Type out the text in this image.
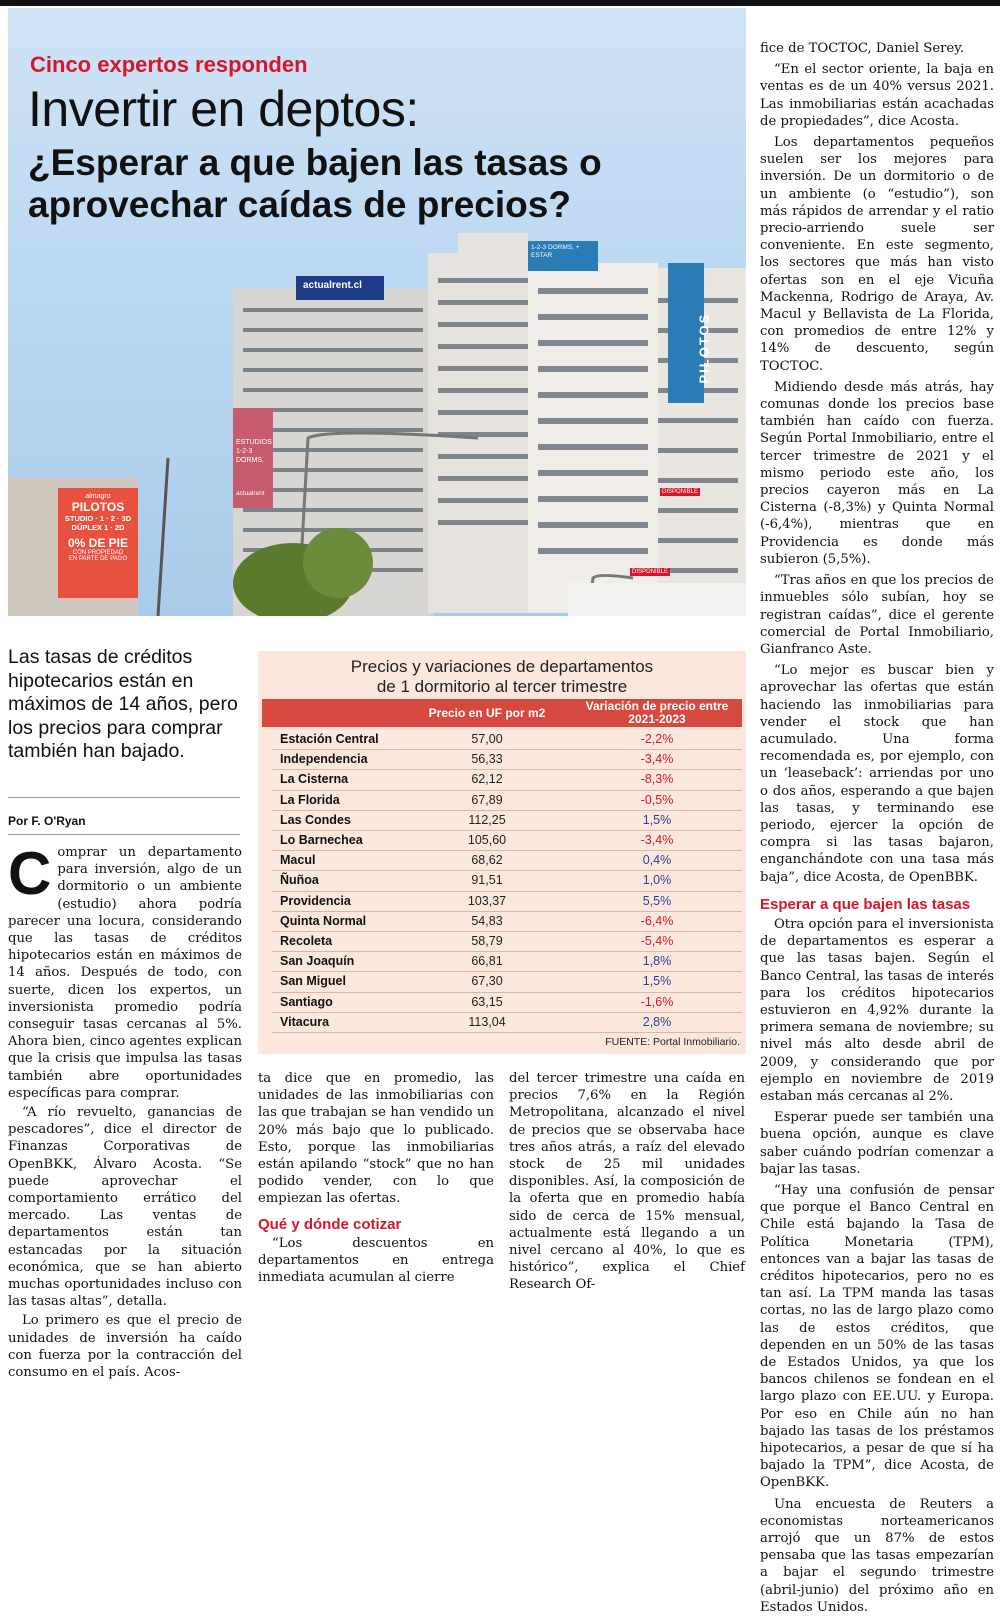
actualrent.cl
PILOTOS
1-2-3 DORMS. + ESTAR
ESTUDIOS 1-2-3 DORMS.
actualrent
almagro
PILOTOS
STUDIO · 1 · 2 · 3D
DÚPLEX 1 · 2D
0% DE PIE
CON PROPIEDAD
EN PARTE DE PAGO
DISPONIBLE
DISPONIBLE
Cinco expertos responden
Invertir en deptos:
¿Esperar a que bajen las tasas o aprovechar caídas de precios?

fice de TOCTOC, Daniel Serey.

“En el sector oriente, la baja en ventas es de un 40% versus 2021. Las inmobiliarias están acachadas de propiedades”, dice Acosta.

Los departamentos pequeños suelen ser los mejores para inversión. De un dormitorio o de un ambiente (o “estudio”), son más rápidos de arrendar y el ratio precio-arriendo suele ser conveniente. En este segmento, los sectores que más han visto ofertas son en el eje Vicuña Mackenna, Rodrigo de Araya, Av. Macul y Bellavista de La Florida, con promedios de entre 12% y 14% de descuento, según TOCTOC.

Midiendo desde más atrás, hay comunas donde los precios base también han caído con fuerza. Según Portal Inmobiliario, entre el tercer trimestre de 2021 y el mismo periodo este año, los precios cayeron más en La Cisterna (-8,3%) y Quinta Normal (-6,4%), mientras que en Providencia es donde más subieron (5,5%).

“Tras años en que los precios de inmuebles sólo subían, hoy se registran caídas”, dice el gerente comercial de Portal Inmobiliario, Gianfranco Aste.

“Lo mejor es buscar bien y aprovechar las ofertas que están haciendo las inmobiliarias para vender el stock que han acumulado. Una forma recomendada es, por ejemplo, con un ‘leaseback’: arriendas por uno o dos años, esperando a que bajen las tasas, y terminando ese periodo, ejercer la opción de compra si las tasas bajaron, enganchándote con una tasa más baja”, dice Acosta, de OpenBBK.

Esperar a que bajen las tasas

Otra opción para el inversionista de departamentos es esperar a que las tasas bajen. Según el Banco Central, las tasas de interés para los créditos hipotecarios estuvieron en 4,92% durante la primera semana de noviembre; su nivel más alto desde abril de 2009, y considerando que por ejemplo en noviembre de 2019 estaban más cercanas al 2%.

Esperar puede ser también una buena opción, aunque es clave saber cuándo podrían comenzar a bajar las tasas.

“Hay una confusión de pensar que porque el Banco Central en Chile está bajando la Tasa de Política Monetaria (TPM), entonces van a bajar las tasas de créditos hipotecarios, pero no es tan así. La TPM manda las tasas cortas, no las de largo plazo como las de estos créditos, que dependen en un 50% de las tasas de Estados Unidos, ya que los bancos chilenos se fondean en el largo plazo con EE.UU. y Europa. Por eso en Chile aún no han bajado las tasas de los préstamos hipotecarios, a pesar de que sí ha bajado la TPM”, dice Acosta, de OpenBKK.

Una encuesta de Reuters a economistas norteamericanos arrojó que un 87% de estos pensaba que las tasas empezarían a bajar el segundo trimestre (abril-junio) del próximo año en Estados Unidos.

Las tasas de créditos hipotecarios están en máximos de 14 años, pero los precios para comprar también han bajado.
Por F. O'Ryan

Comprar un departamento para inversión, algo de un dormitorio o un ambiente (estudio) ahora podría parecer una locura, considerando que las tasas de créditos hipotecarios están en máximos de 14 años. Después de todo, con suerte, dicen los expertos, un inversionista promedio podría conseguir tasas cercanas al 5%. Ahora bien, cinco agentes explican que la crisis que impulsa las tasas también abre oportunidades específicas para comprar.

“A río revuelto, ganancias de pescadores”, dice el director de Finanzas Corporativas de OpenBKK, Álvaro Acosta. “Se puede aprovechar el comportamiento errático del mercado. Las ventas de departamentos están tan estancadas por la situación económica, que se han abierto muchas oportunidades incluso con las tasas altas”, detalla.

Lo primero es que el precio de unidades de inversión ha caído con fuerza por la contracción del consumo en el país. Acos-

Precios y variaciones de departamentos
de 1 dormitorio al tercer trimestre
Precio en UF por m2	Variación de precio entre 2021-2023
Estación Central	57,00	-2,2%
Independencia	56,33	-3,4%
La Cisterna	62,12	-8,3%
La Florida	67,89	-0,5%
Las Condes	112,25	1,5%
Lo Barnechea	105,60	-3,4%
Macul	68,62	0,4%
Ñuñoa	91,51	1,0%
Providencia	103,37	5,5%
Quinta Normal	54,83	-6,4%
Recoleta	58,79	-5,4%
San Joaquín	66,81	1,8%
San Miguel	67,30	1,5%
Santiago	63,15	-1,6%
Vitacura	113,04	2,8%
FUENTE: Portal Inmobiliario.

ta dice que en promedio, las unidades de las inmobiliarias con las que trabajan se han vendido un 20% más bajo que lo publicado. Esto, porque las inmobiliarias están apilando “stock” que no han podido vender, con lo que empiezan las ofertas.

Qué y dónde cotizar

“Los descuentos en departamentos en entrega inmediata acumulan al cierre

del tercer trimestre una caída en precios 7,6% en la Región Metropolitana, alcanzado el nivel de precios que se observaba hace tres años atrás, a raíz del elevado stock de 25 mil unidades disponibles. Así, la composición de la oferta que en promedio había sido de cerca de 15% mensual, actualmente está llegando a un nivel cercano al 40%, lo que es histórico”, explica el Chief Research Of-
